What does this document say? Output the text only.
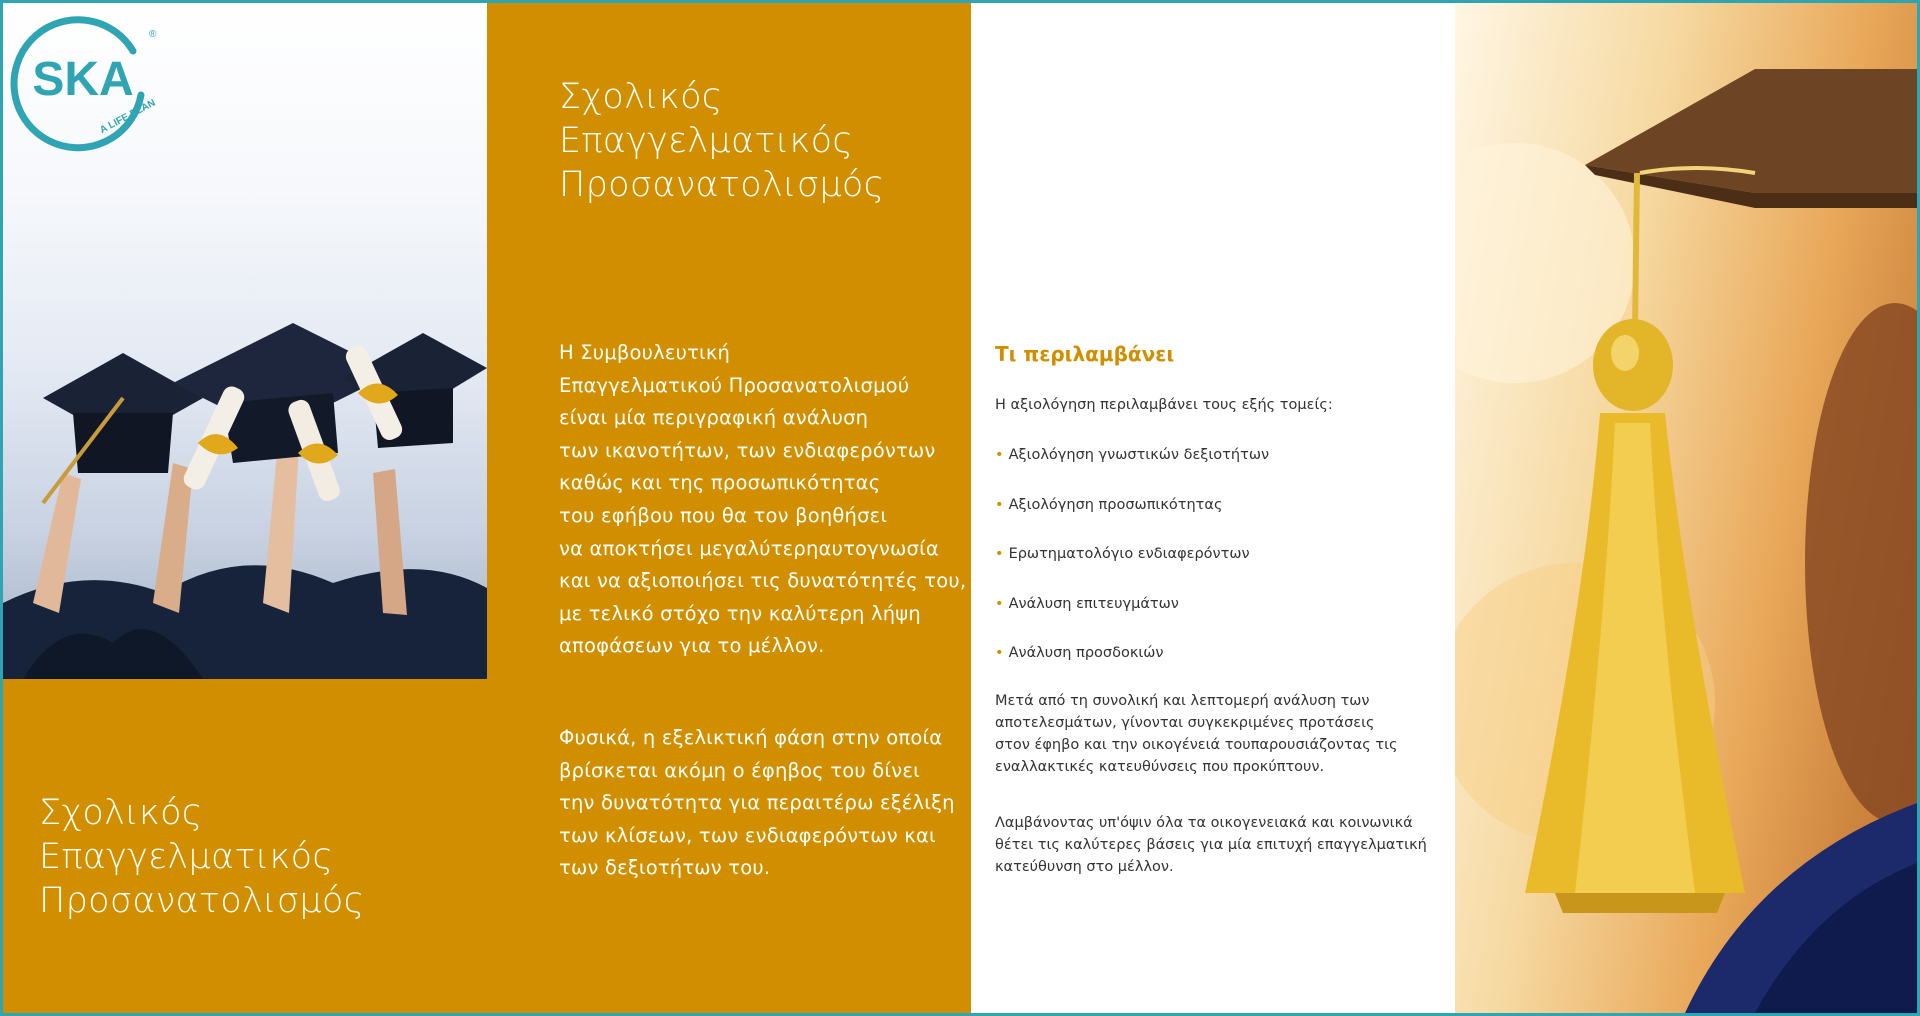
SKA
A LIFE PLAN
®
Σχολικός
Επαγγελματικός
Προσανατολισμός
Σχολικός
Επαγγελματικός
Προσανατολισμός

Η Συμβουλευτική
Επαγγελματικού Προσανατολισμού
είναι μία περιγραφική ανάλυση
των ικανοτήτων, των ενδιαφερόντων
καθώς και της προσωπικότητας
του εφήβου που θα τον βοηθήσει
να αποκτήσει μεγαλύτερηαυτογνωσία
και να αξιοποιήσει τις δυνατότητές του,
με τελικό στόχο την καλύτερη λήψη
αποφάσεων για το μέλλον.

Φυσικά, η εξελικτική φάση στην οποία
βρίσκεται ακόμη ο έφηβος του δίνει
την δυνατότητα για περαιτέρω εξέλιξη
των κλίσεων, των ενδιαφερόντων και
των δεξιοτήτων του.

Τι περιλαμβάνει

Η αξιολόγηση περιλαμβάνει τους εξής τομείς:

• Αξιολόγηση γνωστικών δεξιοτήτων
• Αξιολόγηση προσωπικότητας
• Ερωτηματολόγιο ενδιαφερόντων
• Ανάλυση επιτευγμάτων
• Ανάλυση προσδοκιών

Μετά από τη συνολική και λεπτομερή ανάλυση των
αποτελεσμάτων, γίνονται συγκεκριμένες προτάσεις
στον έφηβο και την οικογένειά τουπαρουσιάζοντας τις
εναλλακτικές κατευθύνσεις που προκύπτουν.

Λαμβάνοντας υπ'όψιν όλα τα οικογενειακά και κοινωνικά
θέτει τις καλύτερες βάσεις για μία επιτυχή επαγγελματική
κατεύθυνση στο μέλλον.
